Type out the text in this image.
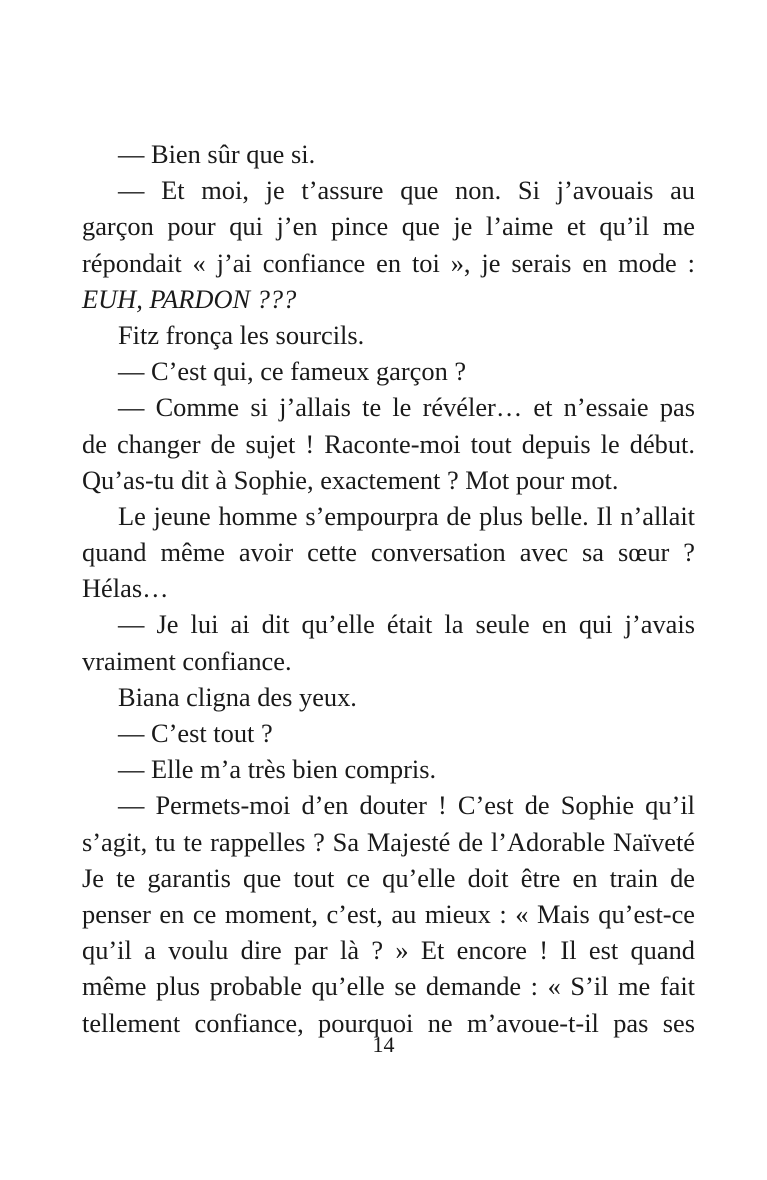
— Bien sûr que si.
— Et moi, je t’assure que non. Si j’avouais au
garçon pour qui j’en pince que je l’aime et qu’il me
répondait « j’ai confiance en toi », je serais en mode :
EUH, PARDON ???
Fitz fronça les sourcils.
— C’est qui, ce fameux garçon ?
— Comme si j’allais te le révéler… et n’essaie pas
de changer de sujet ! Raconte-moi tout depuis le début.
Qu’as-tu dit à Sophie, exactement ? Mot pour mot.
Le jeune homme s’empourpra de plus belle. Il n’allait
quand même avoir cette conversation avec sa sœur ?
Hélas…
— Je lui ai dit qu’elle était la seule en qui j’avais
vraiment confiance.
Biana cligna des yeux.
— C’est tout ?
— Elle m’a très bien compris.
— Permets-moi d’en douter ! C’est de Sophie qu’il
s’agit, tu te rappelles ? Sa Majesté de l’Adorable Naïveté
Je te garantis que tout ce qu’elle doit être en train de
penser en ce moment, c’est, au mieux : « Mais qu’est-ce
qu’il a voulu dire par là ? » Et encore ! Il est quand
même plus probable qu’elle se demande : « S’il me fait
tellement confiance, pourquoi ne m’avoue-t-il pas ses
14
